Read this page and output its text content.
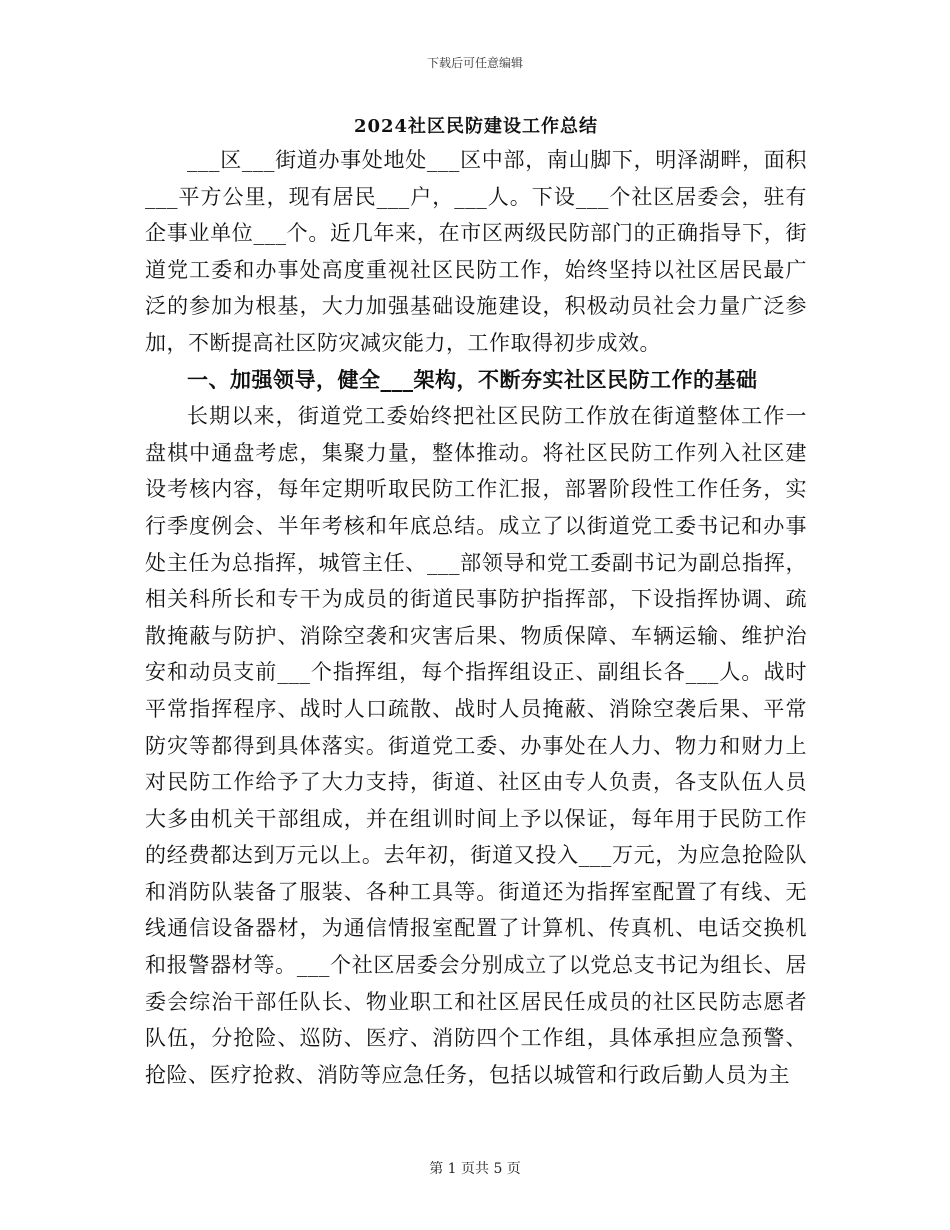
下载后可任意编辑
2024社区民防建设工作总结

___区___街道办事处地处___区中部，南山脚下，明泽湖畔，面积___平方公里，现有居民___户，___人。下设___个社区居委会，驻有企事业单位___个。近几年来，在市区两级民防部门的正确指导下，街道党工委和办事处高度重视社区民防工作，始终坚持以社区居民最广泛的参加为根基，大力加强基础设施建设，积极动员社会力量广泛参加，不断提高社区防灾减灾能力，工作取得初步成效。

一、加强领导，健全___架构，不断夯实社区民防工作的基础

长期以来，街道党工委始终把社区民防工作放在街道整体工作一盘棋中通盘考虑，集聚力量，整体推动。将社区民防工作列入社区建设考核内容，每年定期听取民防工作汇报，部署阶段性工作任务，实行季度例会、半年考核和年底总结。成立了以街道党工委书记和办事处主任为总指挥，城管主任、___部领导和党工委副书记为副总指挥，相关科所长和专干为成员的街道民事防护指挥部，下设指挥协调、疏散掩蔽与防护、消除空袭和灾害后果、物质保障、车辆运输、维护治安和动员支前___个指挥组，每个指挥组设正、副组长各___人。战时平常指挥程序、战时人口疏散、战时人员掩蔽、消除空袭后果、平常防灾等都得到具体落实。街道党工委、办事处在人力、物力和财力上对民防工作给予了大力支持，街道、社区由专人负责，各支队伍人员大多由机关干部组成，并在组训时间上予以保证，每年用于民防工作的经费都达到万元以上。去年初，街道又投入___万元，为应急抢险队和消防队装备了服装、各种工具等。街道还为指挥室配置了有线、无线通信设备器材，为通信情报室配置了计算机、传真机、电话交换机和报警器材等。___个社区居委会分别成立了以党总支书记为组长、居委会综治干部任队长、物业职工和社区居民任成员的社区民防志愿者队伍，分抢险、巡防、医疗、消防四个工作组，具体承担应急预警、抢险、医疗抢救、消防等应急任务，包括以城管和行政后勤人员为主

第 1 页共 5 页
